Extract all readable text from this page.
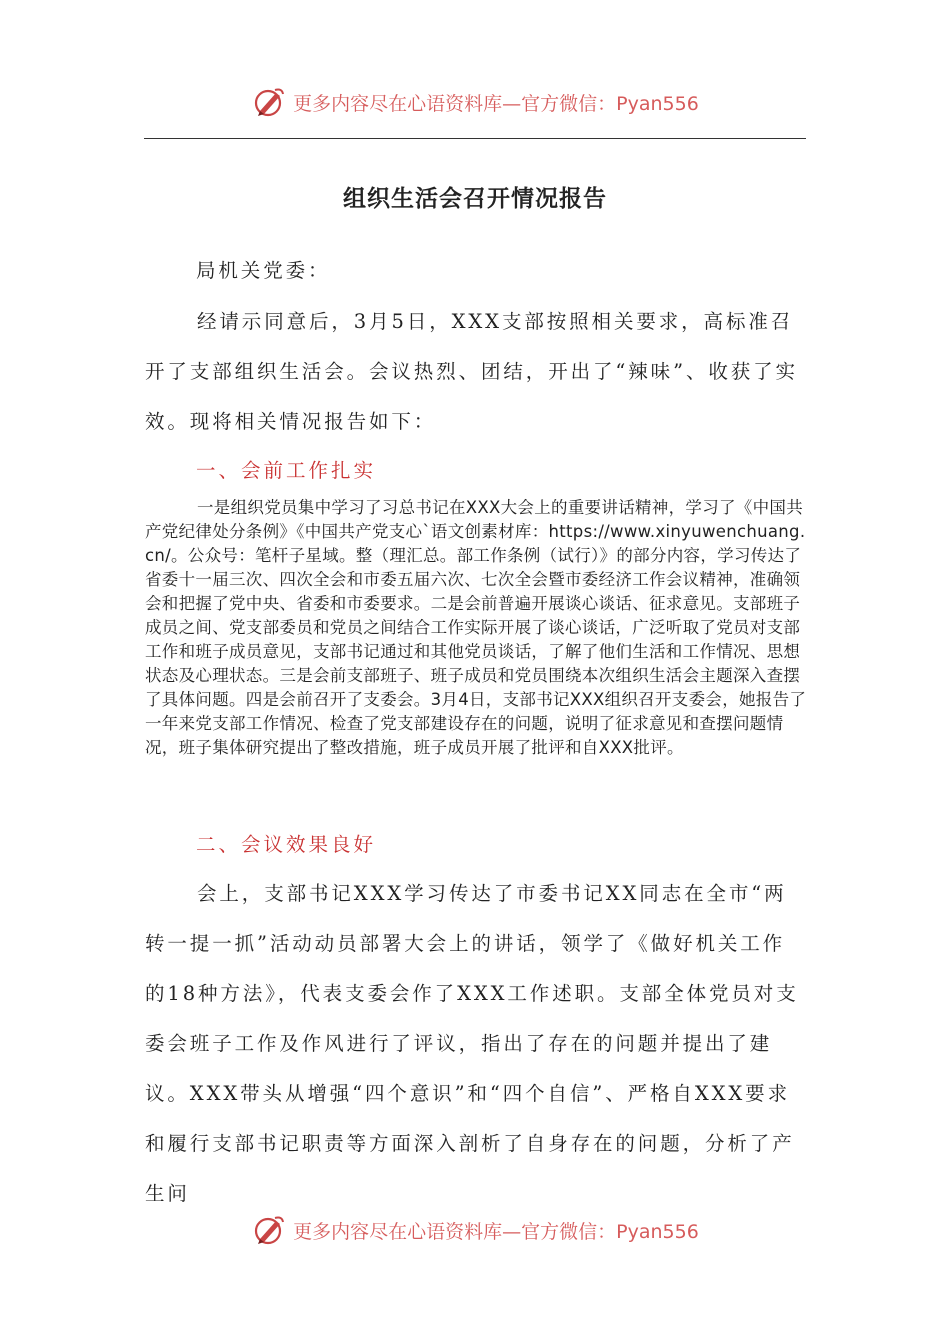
更多内容尽在心语资料库—官方微信：Pyan556
组织生活会召开情况报告

局机关党委：

经请示同意后，3月5日，XXX支部按照相关要求，高标准召开了支部组织生活会。会议热烈、团结，开出了“辣味”、收获了实效。现将相关情况报告如下：

一、会前工作扎实

一是组织党员集中学习了习总书记在XXX大会上的重要讲话精神，学习了《中国共产党纪律处分条例》《中国共产党支心`语文创素材库：https://www.xinyuwenchuang.cn/。公众号：笔杆子星域。整（理汇总。部工作条例（试行）》的部分内容，学习传达了省委十一届三次、四次全会和市委五届六次、七次全会暨市委经济工作会议精神，准确领会和把握了党中央、省委和市委要求。二是会前普遍开展谈心谈话、征求意见。支部班子成员之间、党支部委员和党员之间结合工作实际开展了谈心谈话，广泛听取了党员对支部工作和班子成员意见，支部书记通过和其他党员谈话，了解了他们生活和工作情况、思想状态及心理状态。三是会前支部班子、班子成员和党员围绕本次组织生活会主题深入查摆了具体问题。四是会前召开了支委会。3月4日，支部书记XXX组织召开支委会，她报告了一年来党支部工作情况、检查了党支部建设存在的问题，说明了征求意见和查摆问题情况，班子集体研究提出了整改措施，班子成员开展了批评和自XXX批评。

二、会议效果良好

会上，支部书记XXX学习传达了市委书记XX同志在全市“两转一提一抓”活动动员部署大会上的讲话，领学了《做好机关工作的18种方法》，代表支委会作了XXX工作述职。支部全体党员对支委会班子工作及作风进行了评议，指出了存在的问题并提出了建议。XXX带头从增强“四个意识”和“四个自信”、严格自XXX要求和履行支部书记职责等方面深入剖析了自身存在的问题，分析了产生问

更多内容尽在心语资料库—官方微信：Pyan556
